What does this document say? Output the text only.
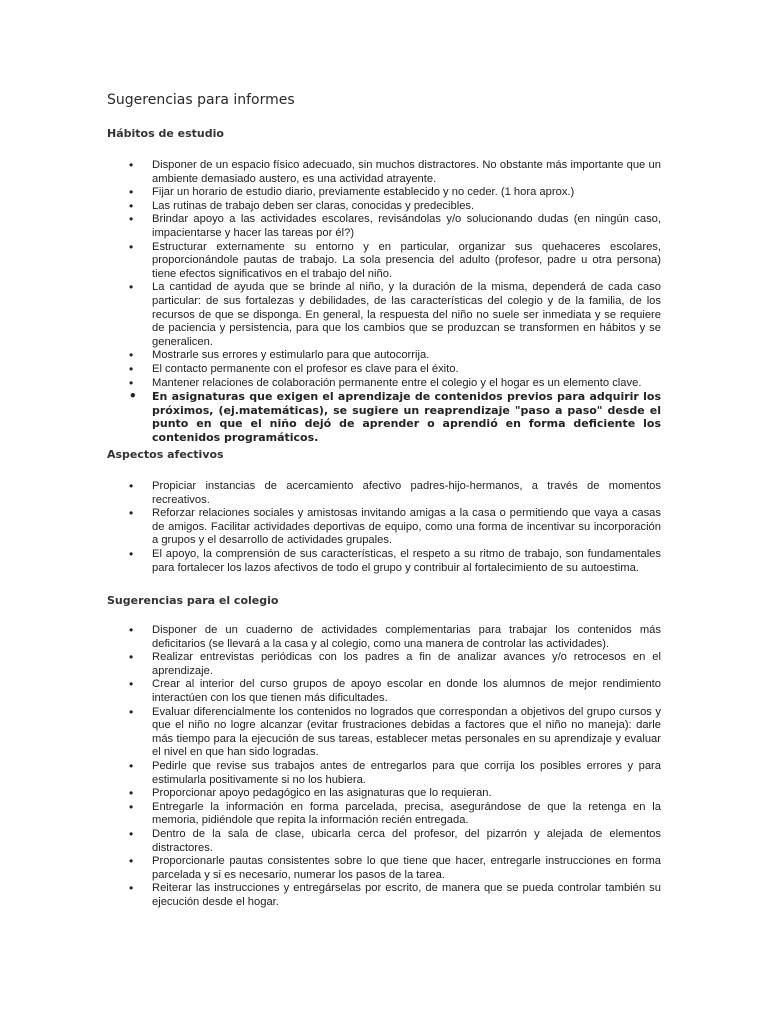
Sugerencias para informes

Hábitos de estudio

• Disponer de un espacio físico adecuado, sin muchos distractores. No obstante más importante que un ambiente demasiado austero, es una actividad atrayente.
• Fijar un horario de estudio diario, previamente establecido y no ceder. (1 hora aprox.)
• Las rutinas de trabajo deben ser claras, conocidas y predecibles.
• Brindar apoyo a las actividades escolares, revisándolas y/o solucionando dudas (en ningún caso, impacientarse y hacer las tareas por él?)
• Estructurar externamente su entorno y en particular, organizar sus quehaceres escolares, proporcionándole pautas de trabajo. La sola presencia del adulto (profesor, padre u otra persona) tiene efectos significativos en el trabajo del niño.
• La cantidad de ayuda que se brinde al niño, y la duración de la misma, dependerá de cada caso particular: de sus fortalezas y debilidades, de las características del colegio y de la familia, de los recursos de que se disponga. En general, la respuesta del niño no suele ser inmediata y se requiere de paciencia y persistencia, para que los cambios que se produzcan se transformen en hábitos y se generalicen.
• Mostrarle sus errores y estimularlo para que autocorrija.
• El contacto permanente con el profesor es clave para el éxito.
• Mantener relaciones de colaboración permanente entre el colegio y el hogar es un elemento clave.
• En asignaturas que exigen el aprendizaje de contenidos previos para adquirir los próximos, (ej.matemáticas), se sugiere un reaprendizaje "paso a paso" desde el punto en que el niño dejó de aprender o aprendió en forma deficiente los contenidos programáticos.

Aspectos afectivos

• Propiciar instancias de acercamiento afectivo padres-hijo-hermanos, a través de momentos recreativos.
• Reforzar relaciones sociales y amistosas invitando amigas a la casa o permitiendo que vaya a casas de amigos. Facilitar actividades deportivas de equipo, como una forma de incentivar su incorporación a grupos y el desarrollo de actividades grupales.
• El apoyo, la comprensión de sus características, el respeto a su ritmo de trabajo, son fundamentales para fortalecer los lazos afectivos de todo el grupo y contribuir al fortalecimiento de su autoestima.

Sugerencias para el colegio

• Disponer de un cuaderno de actividades complementarias para trabajar los contenidos más deficitarios (se llevará a la casa y al colegio, como una manera de controlar las actividades).
• Realizar entrevistas periódicas con los padres a fin de analizar avances y/o retrocesos en el aprendizaje.
• Crear al interior del curso grupos de apoyo escolar en donde los alumnos de mejor rendimiento interactúen con los que tienen más dificultades.
• Evaluar diferencialmente los contenidos no logrados que correspondan a objetivos del grupo cursos y que el niño no logre alcanzar (evitar frustraciones debidas a factores que el niño no maneja): darle más tiempo para la ejecución de sus tareas, establecer metas personales en su aprendizaje y evaluar el nivel en que han sido logradas.
• Pedirle que revise sus trabajos antes de entregarlos para que corrija los posibles errores y para estimularla positivamente si no los hubiera.
• Proporcionar apoyo pedagógico en las asignaturas que lo requieran.
• Entregarle la información en forma parcelada, precisa, asegurándose de que la retenga en la memoria, pidiéndole que repita la información recién entregada.
• Dentro de la sala de clase, ubicarla cerca del profesor, del pizarrón y alejada de elementos distractores.
• Proporcionarle pautas consistentes sobre lo que tiene que hacer, entregarle instrucciones en forma parcelada y si es necesario, numerar los pasos de la tarea.
• Reiterar las instrucciones y entregárselas por escrito, de manera que se pueda controlar también su ejecución desde el hogar.
